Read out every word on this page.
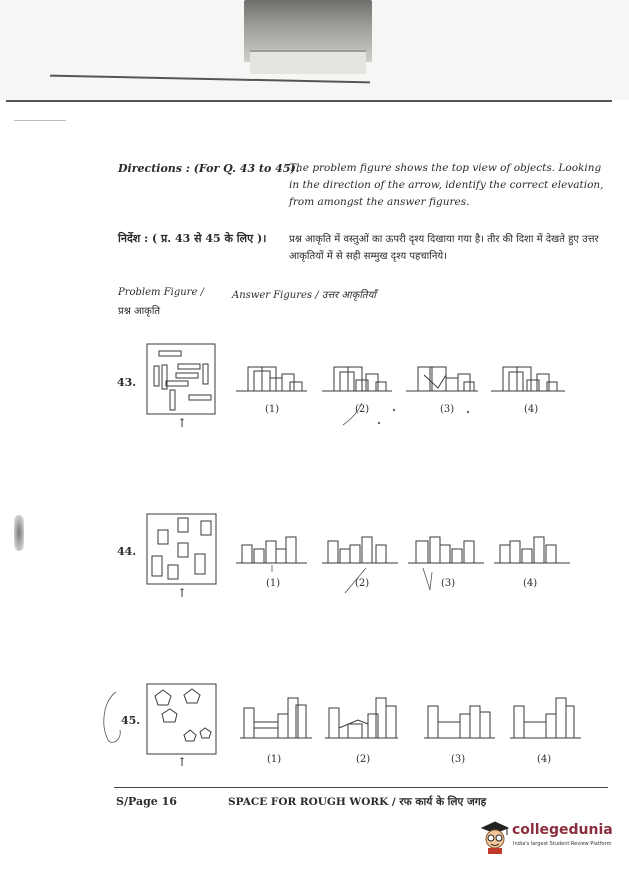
Directions : (For Q. 43 to 45).
The problem figure shows the top view of objects. Looking in the direction of the arrow, identify the correct elevation, from amongst the answer figures.
निर्देश : ( प्र. 43 से 45 के लिए )। प्रश्न आकृति में वस्तुओं का ऊपरी दृश्य दिखाया गया है। तीर की दिशा में देखते हुए उत्तर आकृतियों में से सही सम्मुख दृश्य पहचानिये।
Problem Figure /
प्रश्न आकृति
Answer Figures / उत्तर आकृतियाँ
43.
44.
45.
(1)	(2)	(3)	(4)
(1)	(2)	(3)	(4)
(1)	(2)	(3)	(4)
↑
↑
↑
S/Page 16	SPACE FOR ROUGH WORK / रफ कार्य के लिए जगह
collegedunia
India's largest Student Review Platform
